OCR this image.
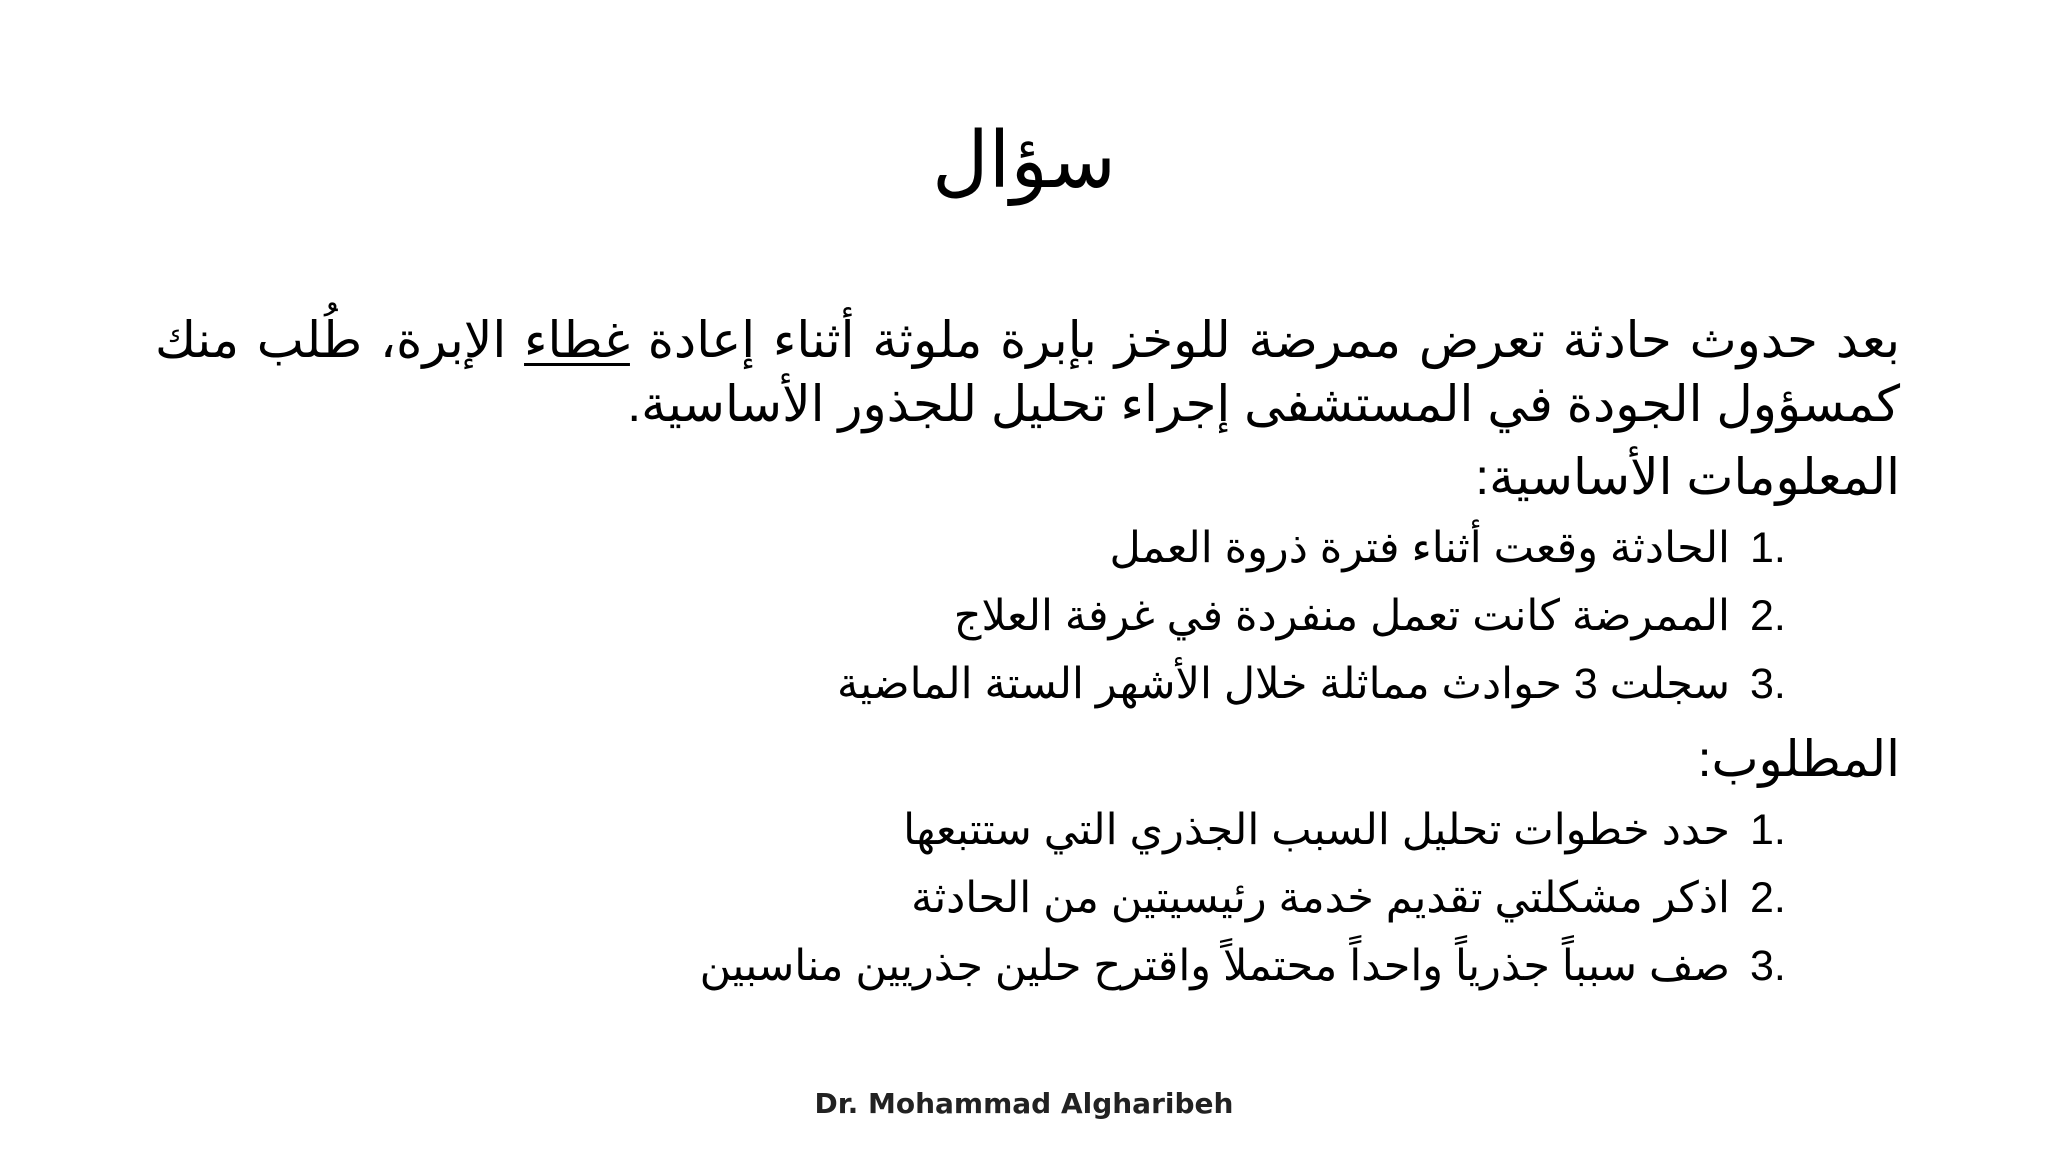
سؤال

بعد حدوث حادثة تعرض ممرضة للوخز بإبرة ملوثة أثناء إعادة غطاء الإبرة، طُلب منك كمسؤول الجودة في المستشفى إجراء تحليل للجذور الأساسية.

المعلومات الأساسية:
1.
الحادثة وقعت أثناء فترة ذروة العمل
2.
الممرضة كانت تعمل منفردة في غرفة العلاج
3.
سجلت 3 حوادث مماثلة خلال الأشهر الستة الماضية
المطلوب:
1.
حدد خطوات تحليل السبب الجذري التي ستتبعها
2.
اذكر مشكلتي تقديم خدمة رئيسيتين من الحادثة
3.
صف سبباً جذرياً واحداً محتملاً واقترح حلين جذريين مناسبين
Dr. Mohammad Algharibeh
